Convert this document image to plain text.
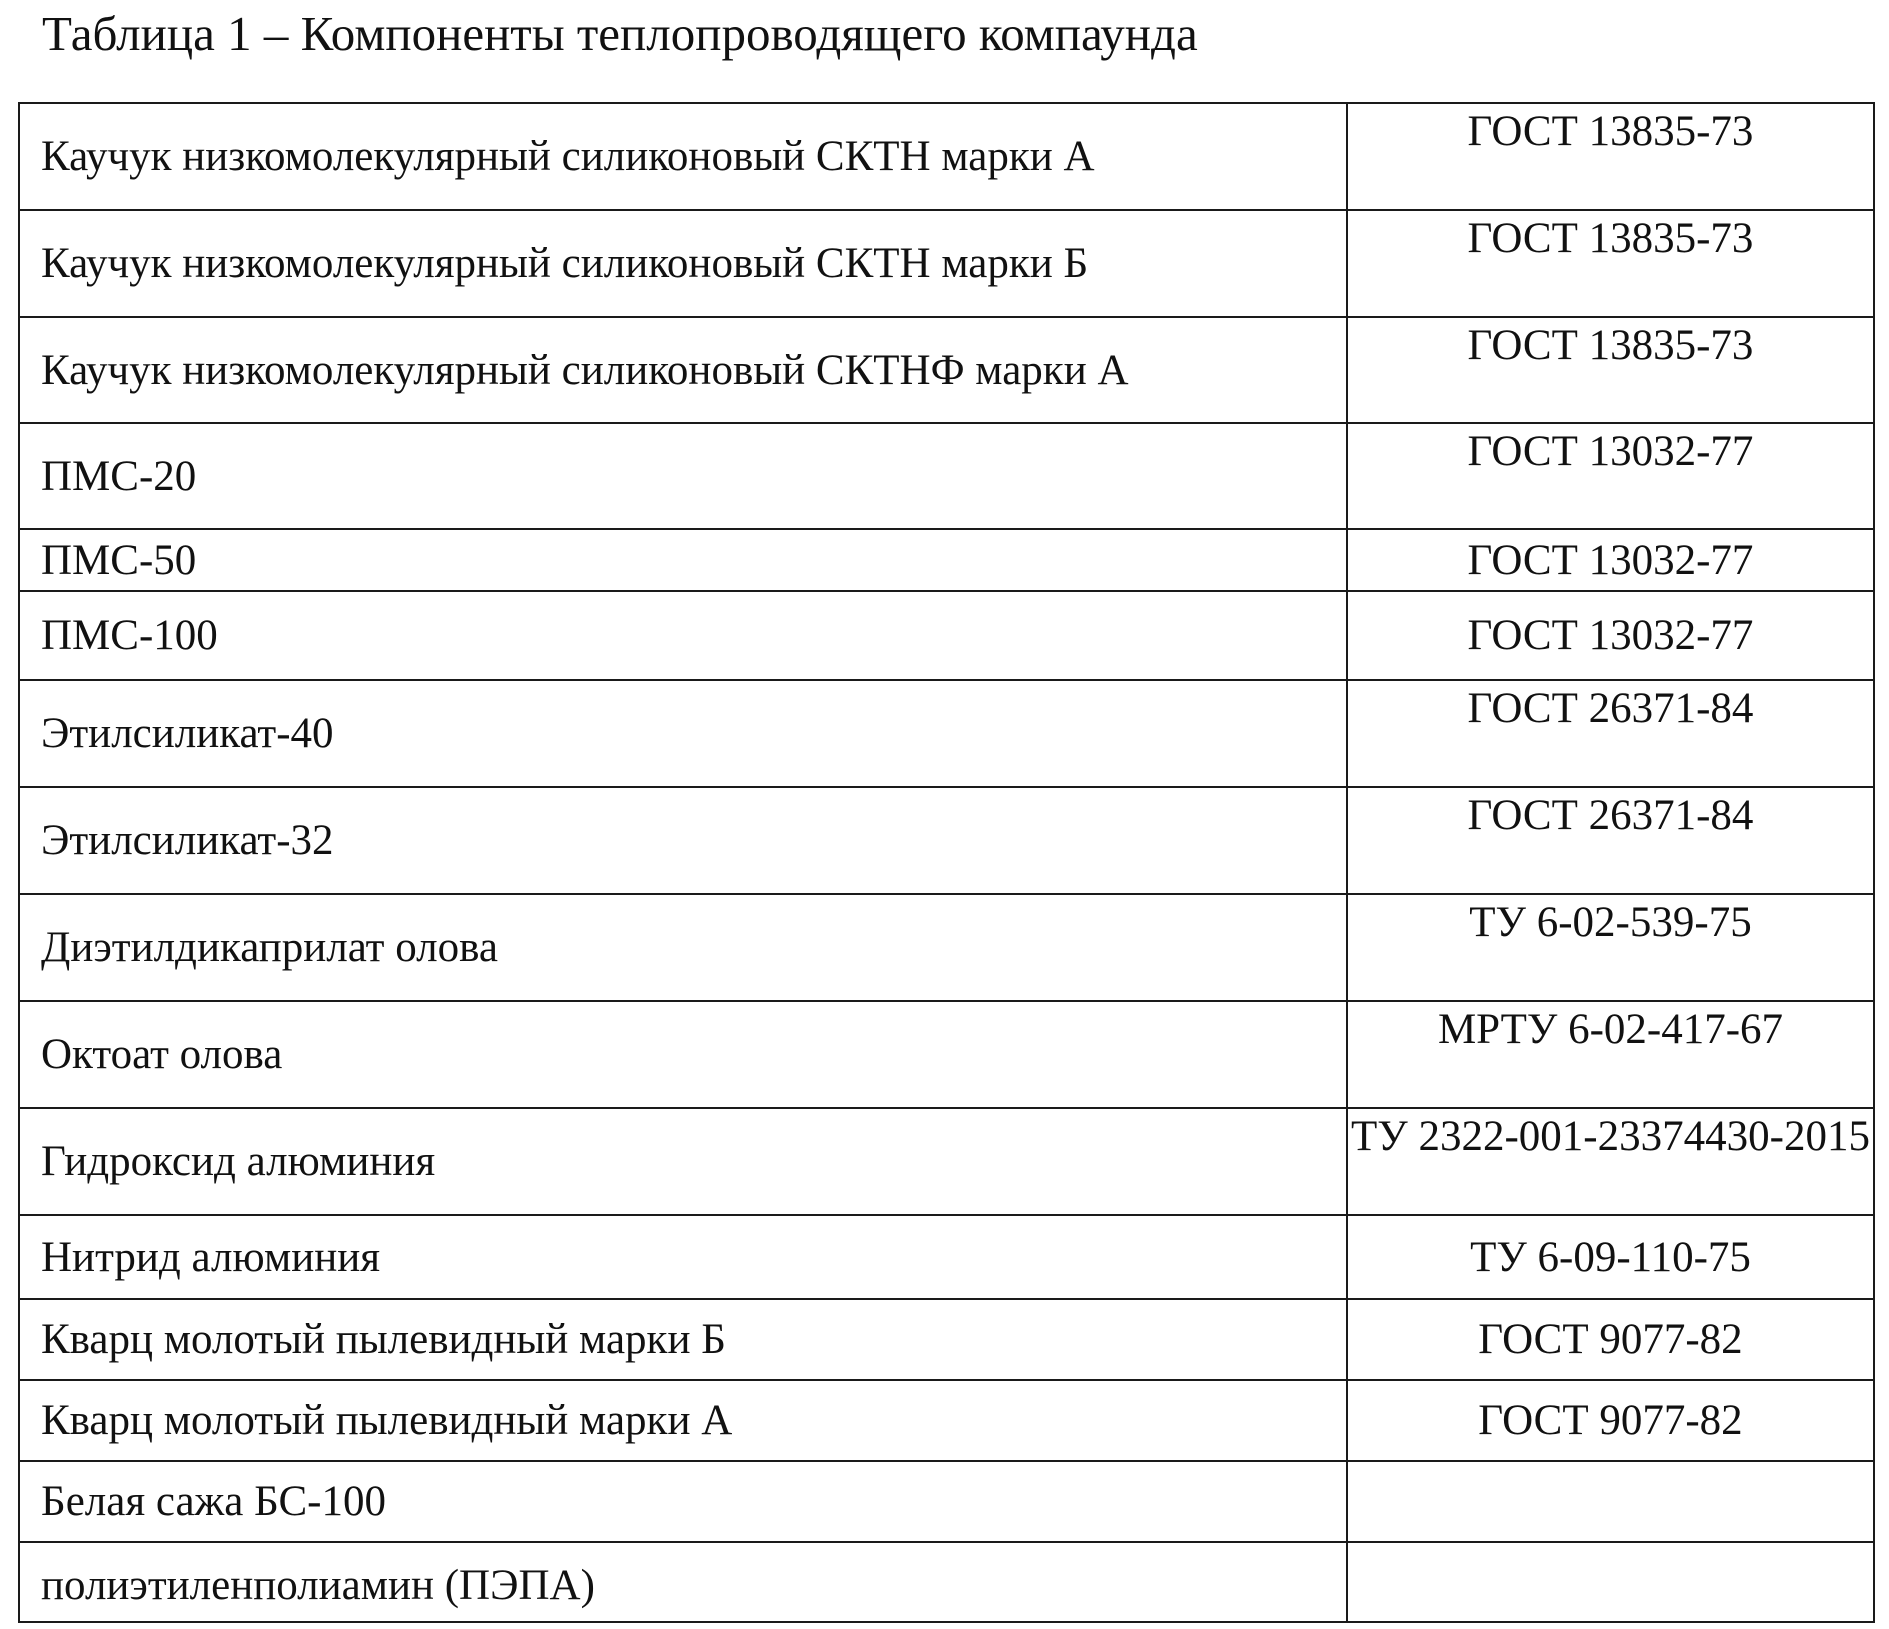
Таблица 1 – Компоненты теплопроводящего компаунда
Каучук низкомолекулярный силиконовый СКТН марки А	ГОСТ 13835-73
Каучук низкомолекулярный силиконовый СКТН марки Б	ГОСТ 13835-73
Каучук низкомолекулярный силиконовый СКТНФ марки А	ГОСТ 13835-73
ПМС-20	ГОСТ 13032-77
ПМС-50	ГОСТ 13032-77
ПМС-100	ГОСТ 13032-77
Этилсиликат-40	ГОСТ 26371-84
Этилсиликат-32	ГОСТ 26371-84
Диэтилдикаприлат олова	ТУ 6-02-539-75
Октоат олова	МРТУ 6-02-417-67
Гидроксид алюминия	ТУ 2322-001-23374430-2015
Нитрид алюминия	ТУ 6-09-110-75
Кварц молотый пылевидный марки Б	ГОСТ 9077-82
Кварц молотый пылевидный марки А	ГОСТ 9077-82
Белая сажа БС-100	
полиэтиленполиамин (ПЭПА)	
